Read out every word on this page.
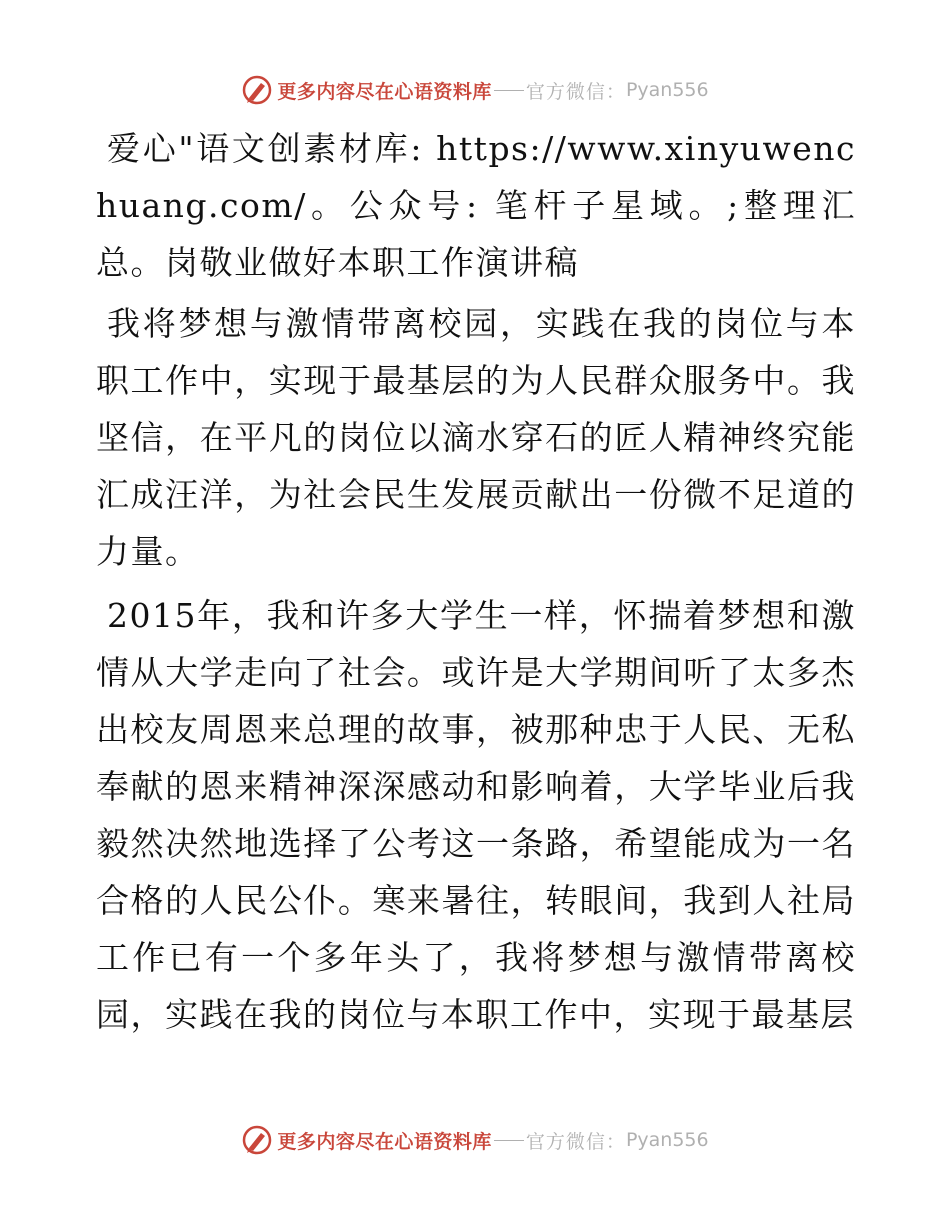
更多内容尽在心语资料库 官方微信： Pyan556

爱心"语文创素材库: https://www.xinyuwenchuang.com/。公众号: 笔杆子星域。;整理汇总。岗敬业做好本职工作演讲稿

我将梦想与激情带离校园，实践在我的岗位与本职工作中，实现于最基层的为人民群众服务中。我坚信，在平凡的岗位以滴水穿石的匠人精神终究能汇成汪洋，为社会民生发展贡献出一份微不足道的力量。

2015年，我和许多大学生一样，怀揣着梦想和激情从大学走向了社会。或许是大学期间听了太多杰出校友周恩来总理的故事，被那种忠于人民、无私奉献的恩来精神深深感动和影响着，大学毕业后我毅然决然地选择了公考这一条路，希望能成为一名合格的人民公仆。寒来暑往，转眼间，我到人社局工作已有一个多年头了，我将梦想与激情带离校园，实践在我的岗位与本职工作中，实现于最基层

更多内容尽在心语资料库 官方微信： Pyan556
